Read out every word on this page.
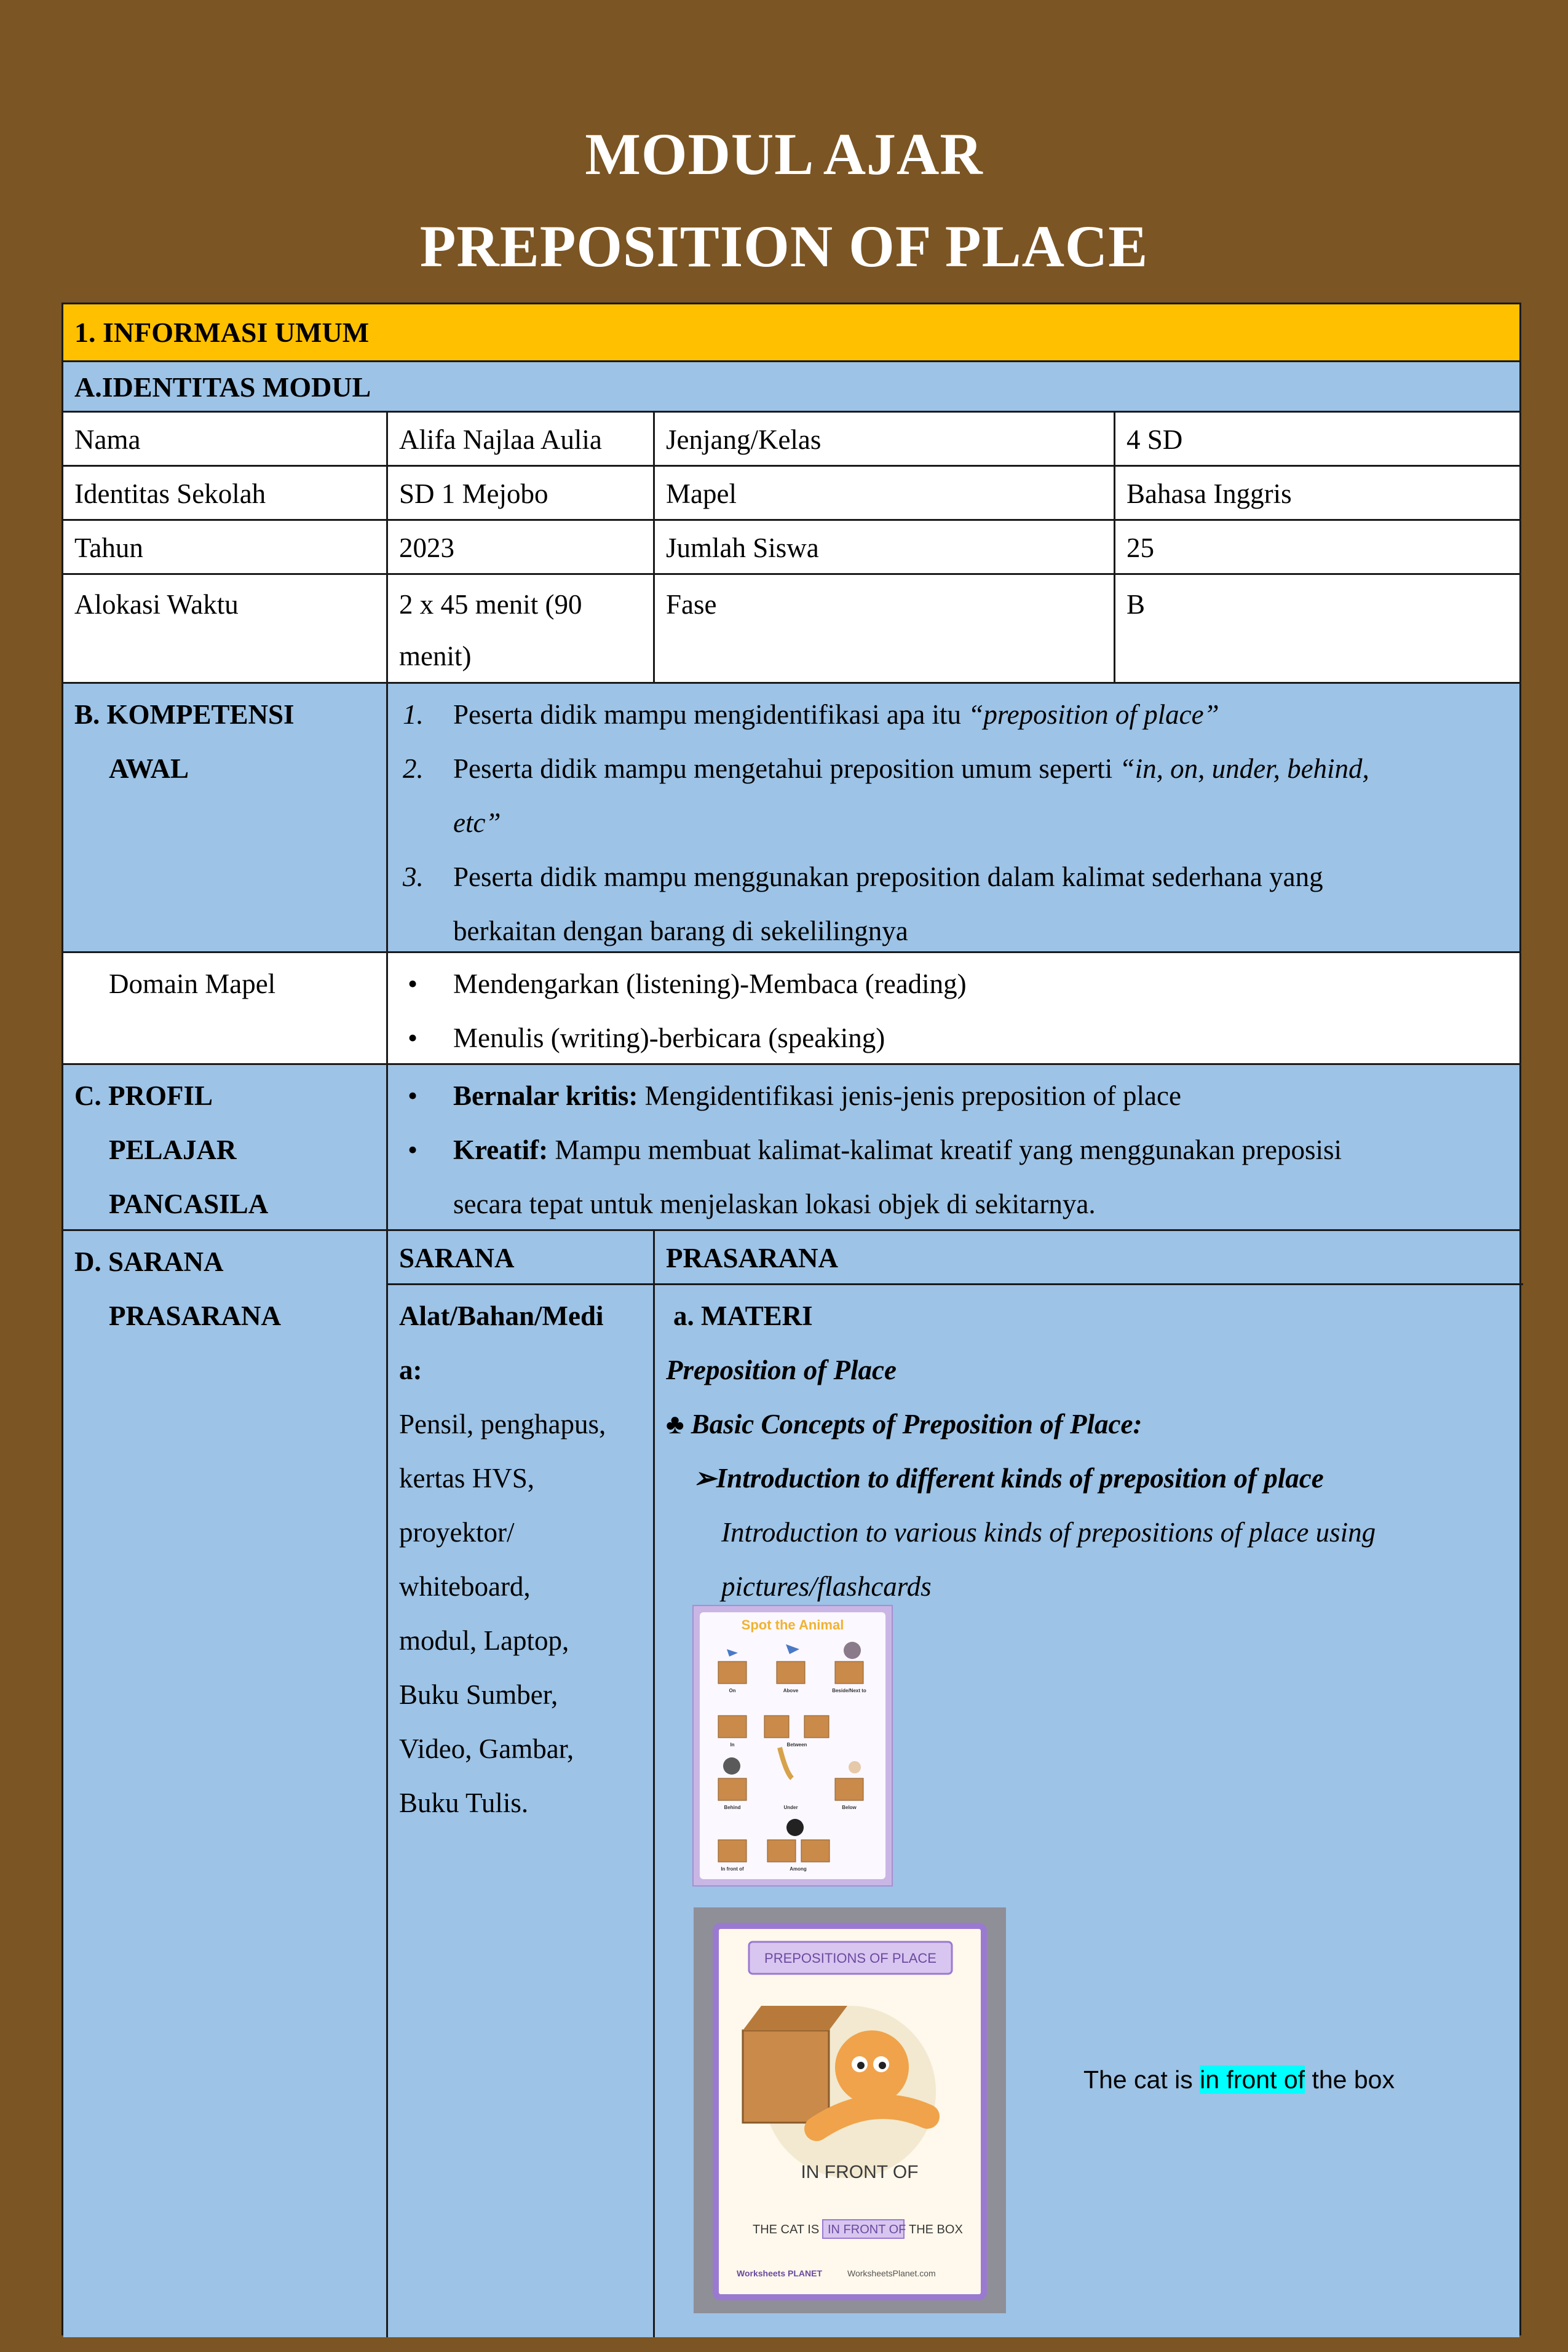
MODUL AJAR
PREPOSITION OF PLACE
1. INFORMASI UMUM
A.IDENTITAS MODUL
Nama	Alifa Najlaa Aulia	Jenjang/Kelas	4 SD
Identitas Sekolah	SD 1 Mejobo	Mapel	Bahasa Inggris
Tahun	2023	Jumlah Siswa	25
Alokasi Waktu	2 x 45 menit (90 menit)
Fase	B
B. KOMPETENSI

AWAL
1. Peserta didik mampu mengidentifikasi apa itu “preposition of place”
2. Peserta didik mampu mengetahui preposition umum seperti “in, on, under, behind,
etc”
3. Peserta didik mampu menggunakan preposition dalam kalimat sederhana yang
berkaitan dengan barang di sekelilingnya
Domain Mapel
•	Mendengarkan (listening)-Membaca (reading)
• Menulis (writing)-berbicara (speaking)
C. PROFIL

PELAJAR
PANCASILA
• Bernalar kritis: Mengidentifikasi jenis-jenis preposition of place
• Kreatif: Mampu membuat kalimat-kalimat kreatif yang menggunakan preposisi
secara tepat untuk menjelaskan lokasi objek di sekitarnya.
D. SARANA

PRASARANA
SARANA	PRASARANA
Alat/Bahan/Medi
a:
Pensil, penghapus,
kertas HVS,
proyektor/
whiteboard,
modul, Laptop,
Buku Sumber,
Video, Gambar,
Buku Tulis.
a. MATERI
Preposition of Place
♣ Basic Concepts of Preposition of Place:
➢Introduction to different kinds of preposition of place
Introduction to various kinds of prepositions of place using
pictures/flashcards
Spot the Animal
On	Above	Beside/Next to
In	Between
Behind	Under	Below
In front of	Among
PREPOSITIONS OF PLACE
IN FRONT OF
THE CAT IS IN FRONT OF THE BOX
Worksheets PLANET	WorksheetsPlanet.com
The cat is in front of the box
